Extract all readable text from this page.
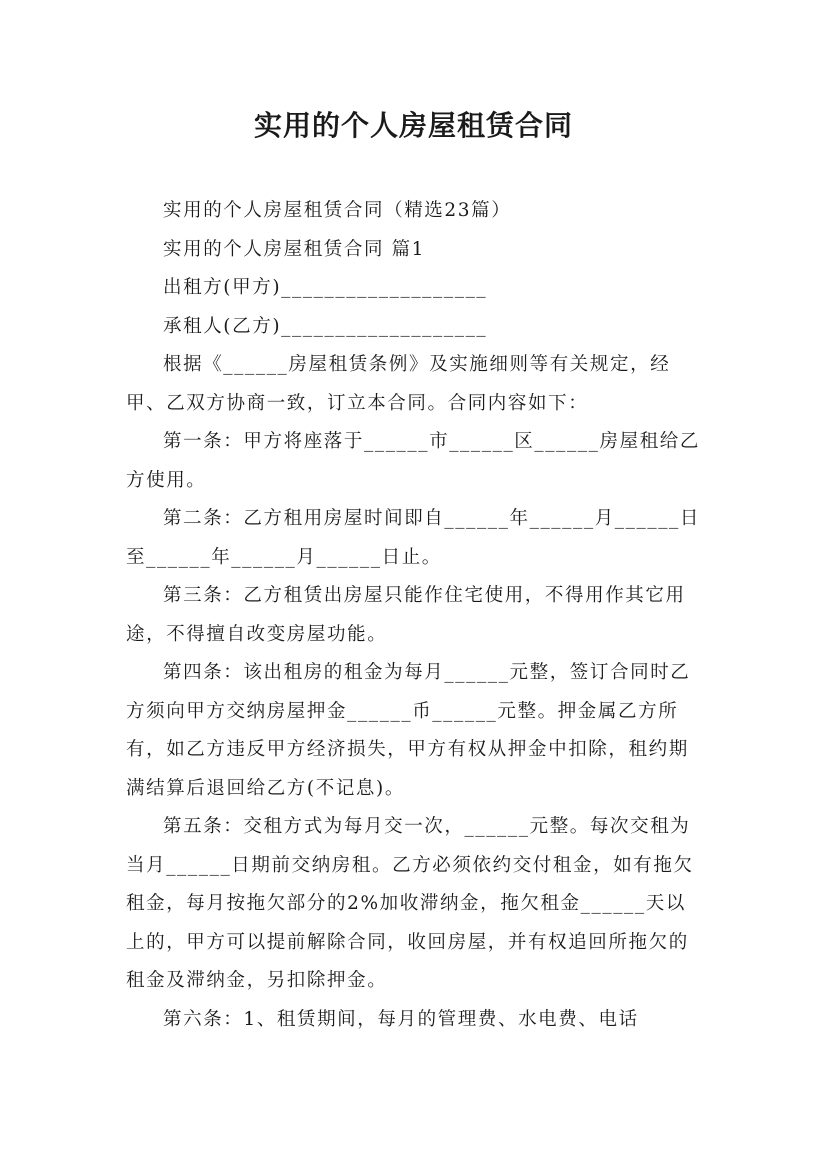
实用的个人房屋租赁合同

实用的个人房屋租赁合同（精选23篇）

实用的个人房屋租赁合同 篇1

出租方(甲方)___________________

承租人(乙方)___________________

根据《______房屋租赁条例》及实施细则等有关规定，经甲、乙双方协商一致，订立本合同。合同内容如下：

第一条：甲方将座落于______市______区______房屋租给乙方使用。

第二条：乙方租用房屋时间即自______年______月______日至______年______月______日止。

第三条：乙方租赁出房屋只能作住宅使用，不得用作其它用途，不得擅自改变房屋功能。

第四条：该出租房的租金为每月______元整，签订合同时乙方须向甲方交纳房屋押金______币______元整。押金属乙方所有，如乙方违反甲方经济损失，甲方有权从押金中扣除，租约期满结算后退回给乙方(不记息)。

第五条：交租方式为每月交一次，______元整。每次交租为当月______日期前交纳房租。乙方必须依约交付租金，如有拖欠租金，每月按拖欠部分的2%加收滞纳金，拖欠租金______天以上的，甲方可以提前解除合同，收回房屋，并有权追回所拖欠的租金及滞纳金，另扣除押金。

第六条：1、租赁期间，每月的管理费、水电费、电话
